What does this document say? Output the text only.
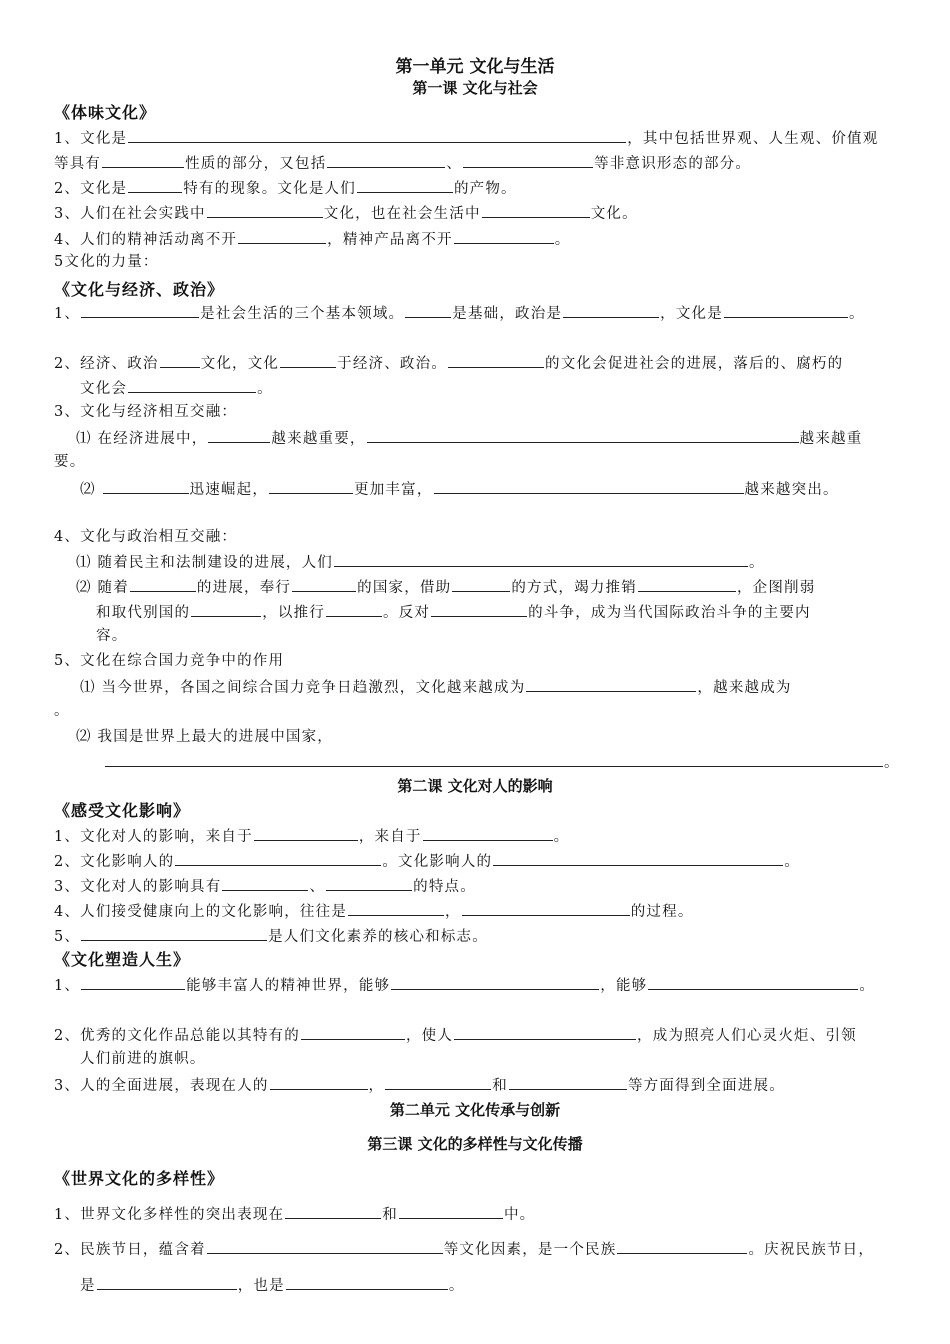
第一单元 文化与生活
第一课 文化与社会
《体味文化》
1、文化是	，其中包括世界观、人生观、价值观
等具有	性质的部分，又包括	、	等非意识形态的部分。
2、文化是	特有的现象。文化是人们	的产物。
3、人们在社会实践中	文化，也在社会生活中	文化。
4、人们的精神活动离不开	，精神产品离不开	。
5文化的力量：
《文化与经济、政治》
1、	是社会生活的三个基本领域。	是基础，政治是	，文化是	。
2、经济、政治	文化，文化	于经济、政治。	的文化会促进社会的进展，落后的、腐朽的
文化会	。
3、文化与经济相互交融：
⑴ 在经济进展中，	越来越重要，	越来越重
要。
⑵	迅速崛起，	更加丰富，	越来越突出。
4、文化与政治相互交融：
⑴ 随着民主和法制建设的进展，人们	。
⑵ 随着	的进展，奉行	的国家，借助	的方式，竭力推销	，企图削弱
和取代别国的	，以推行	。反对	的斗争，成为当代国际政治斗争的主要内
容。
5、文化在综合国力竞争中的作用
⑴ 当今世界，各国之间综合国力竞争日趋激烈，文化越来越成为	，越来越成为
。
⑵ 我国是世界上最大的进展中国家，
。
第二课 文化对人的影响
《感受文化影响》
1、文化对人的影响，来自于	，来自于	。
2、文化影响人的	。文化影响人的	。
3、文化对人的影响具有	、	的特点。
4、人们接受健康向上的文化影响，往往是	，	的过程。
5、	是人们文化素养的核心和标志。
《文化塑造人生》
1、	能够丰富人的精神世界，能够	，能够	。
2、优秀的文化作品总能以其特有的	，使人	，成为照亮人们心灵火炬、引领
人们前进的旗帜。
3、人的全面进展，表现在人的	，	和	等方面得到全面进展。
第二单元 文化传承与创新
第三课 文化的多样性与文化传播
《世界文化的多样性》
1、世界文化多样性的突出表现在	和	中。
2、民族节日，蕴含着	等文化因素，是一个民族	。庆祝民族节日，
是	，也是	。
